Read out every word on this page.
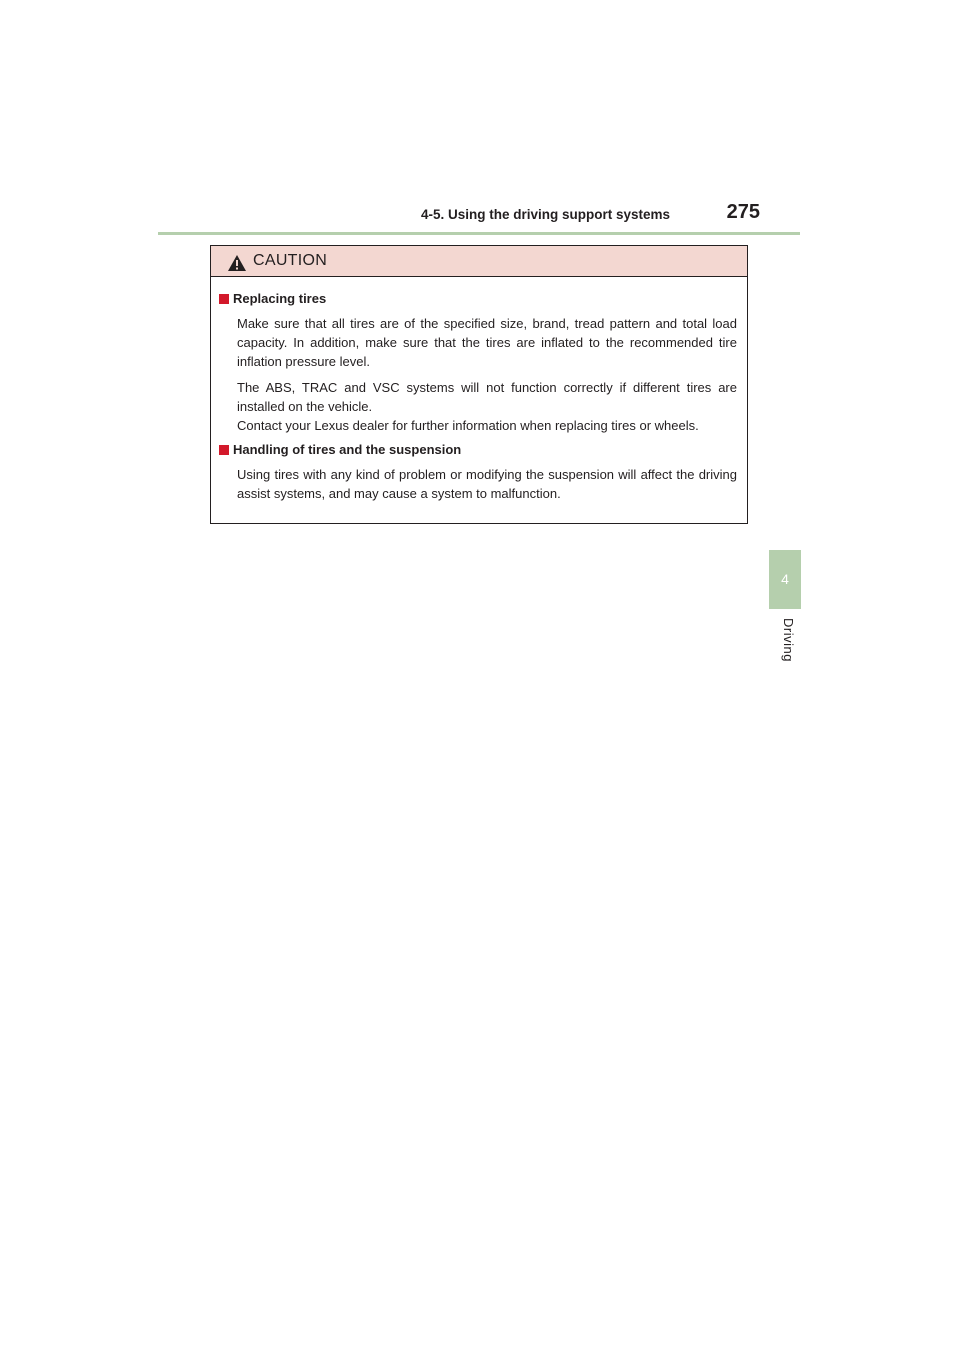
4-5. Using the driving support systems	275
4
Driving
CAUTION
Replacing tires

Make sure that all tires are of the specified size, brand, tread pattern and total load capacity. In addition, make sure that the tires are inflated to the recommended tire inflation pressure level.

The ABS, TRAC and VSC systems will not function correctly if different tires are installed on the vehicle.

Contact your Lexus dealer for further information when replacing tires or wheels.

Handling of tires and the suspension

Using tires with any kind of problem or modifying the suspension will affect the driving assist systems, and may cause a system to malfunction.
